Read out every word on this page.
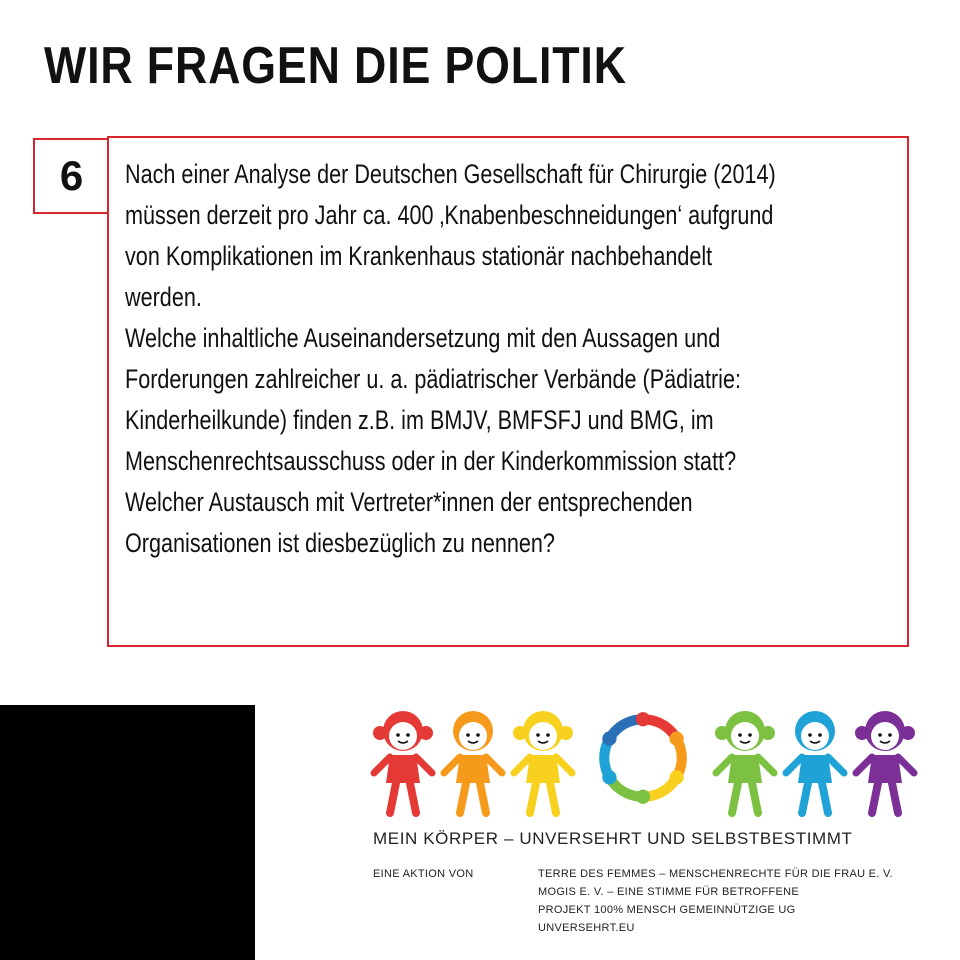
WIR FRAGEN DIE POLITIK
6	Nach einer Analyse der Deutschen Gesellschaft für Chirurgie (2014)
müssen derzeit pro Jahr ca. 400 ‚Knabenbeschneidungen‘ aufgrund
von Komplikationen im Krankenhaus stationär nachbehandelt
werden.
Welche inhaltliche Auseinandersetzung mit den Aussagen und
Forderungen zahlreicher u. a. pädiatrischer Verbände (Pädiatrie:
Kinderheilkunde) finden z.B. im BMJV, BMFSFJ und BMG, im
Menschenrechtsausschuss oder in der Kinderkommission statt?
Welcher Austausch mit Vertreter*innen der entsprechenden
Organisationen ist diesbezüglich zu nennen?

MEIN KÖRPER – UNVERSEHRT UND SELBSTBESTIMMT
EINE AKTION VON	TERRE DES FEMMES – MENSCHENRECHTE FÜR DIE FRAU E. V.
MOGIS E. V. – EINE STIMME FÜR BETROFFENE
PROJEKT 100% MENSCH GEMEINNÜTZIGE UG
UNVERSEHRT.EU
